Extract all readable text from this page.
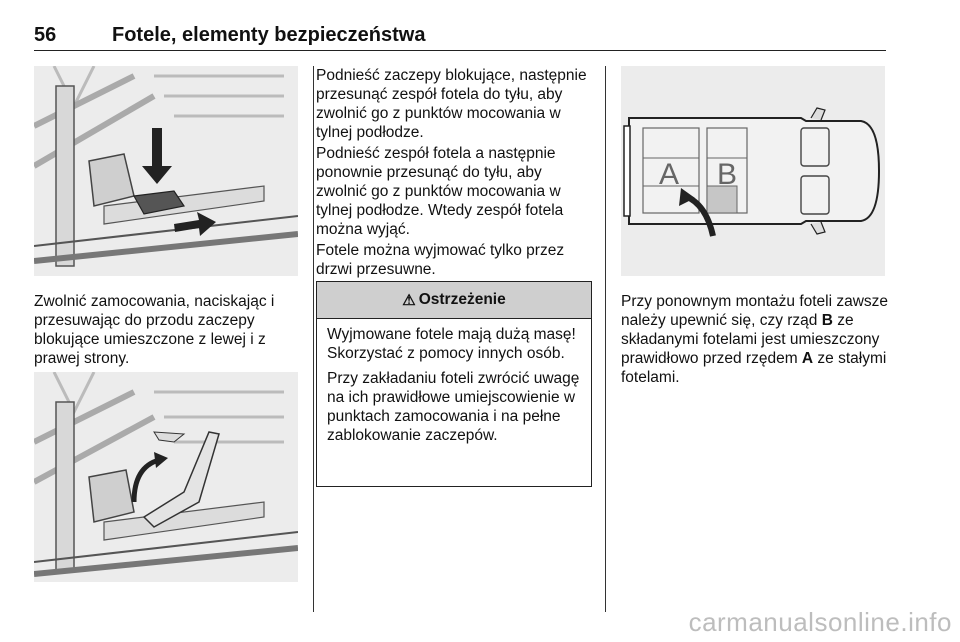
56	Fotele, elementy bezpieczeństwa

Zwolnić zamocowania, naciskając i przesuwając do przodu zaczepy blokujące umieszczone z lewej i z prawej strony.

Podnieść zaczepy blokujące, następnie przesunąć zespół fotela do tyłu, aby zwolnić go z punktów mocowania w tylnej podłodze.

Podnieść zespół fotela a następnie ponownie przesunąć do tyłu, aby zwolnić go z punktów mocowania w tylnej podłodze. Wtedy zespół fotela można wyjąć.

Fotele można wyjmować tylko przez drzwi przesuwne.

⚠ Ostrzeżenie

Wyjmowane fotele mają dużą masę! Skorzystać z pomocy innych osób.

Przy zakładaniu foteli zwrócić uwagę na ich prawidłowe umiejscowienie w punktach zamocowania i na pełne zablokowanie zaczepów.

A B

Przy ponownym montażu foteli zawsze należy upewnić się, czy rząd B ze składanymi fotelami jest umieszczony prawidłowo przed rzędem A ze stałymi fotelami.

carmanualsonline.info
